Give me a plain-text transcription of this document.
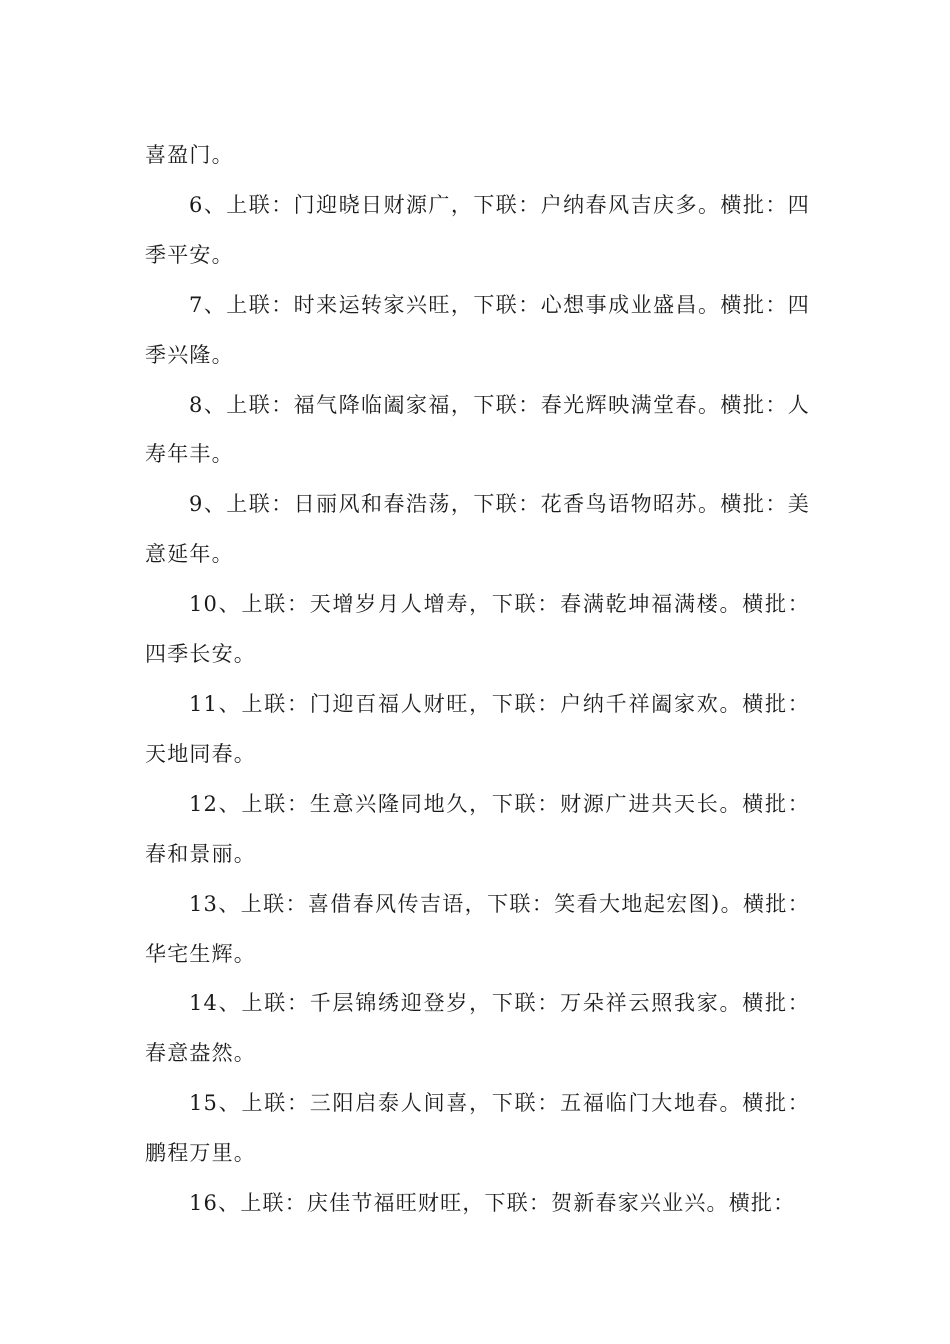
喜盈门。

6、上联：门迎晓日财源广，下联：户纳春风吉庆多。横批：四季平安。

7、上联：时来运转家兴旺，下联：心想事成业盛昌。横批：四季兴隆。

8、上联：福气降临阖家福，下联：春光辉映满堂春。横批：人寿年丰。

9、上联：日丽风和春浩荡，下联：花香鸟语物昭苏。横批：美意延年。

10、上联：天增岁月人增寿，下联：春满乾坤福满楼。横批：四季长安。

11、上联：门迎百福人财旺，下联：户纳千祥阖家欢。横批：天地同春。

12、上联：生意兴隆同地久，下联：财源广进共天长。横批：春和景丽。

13、上联：喜借春风传吉语，下联：笑看大地起宏图)。横批：华宅生辉。

14、上联：千层锦绣迎登岁，下联：万朵祥云照我家。横批：春意盎然。

15、上联：三阳启泰人间喜，下联：五福临门大地春。横批：鹏程万里。

16、上联：庆佳节福旺财旺，下联：贺新春家兴业兴。横批：
